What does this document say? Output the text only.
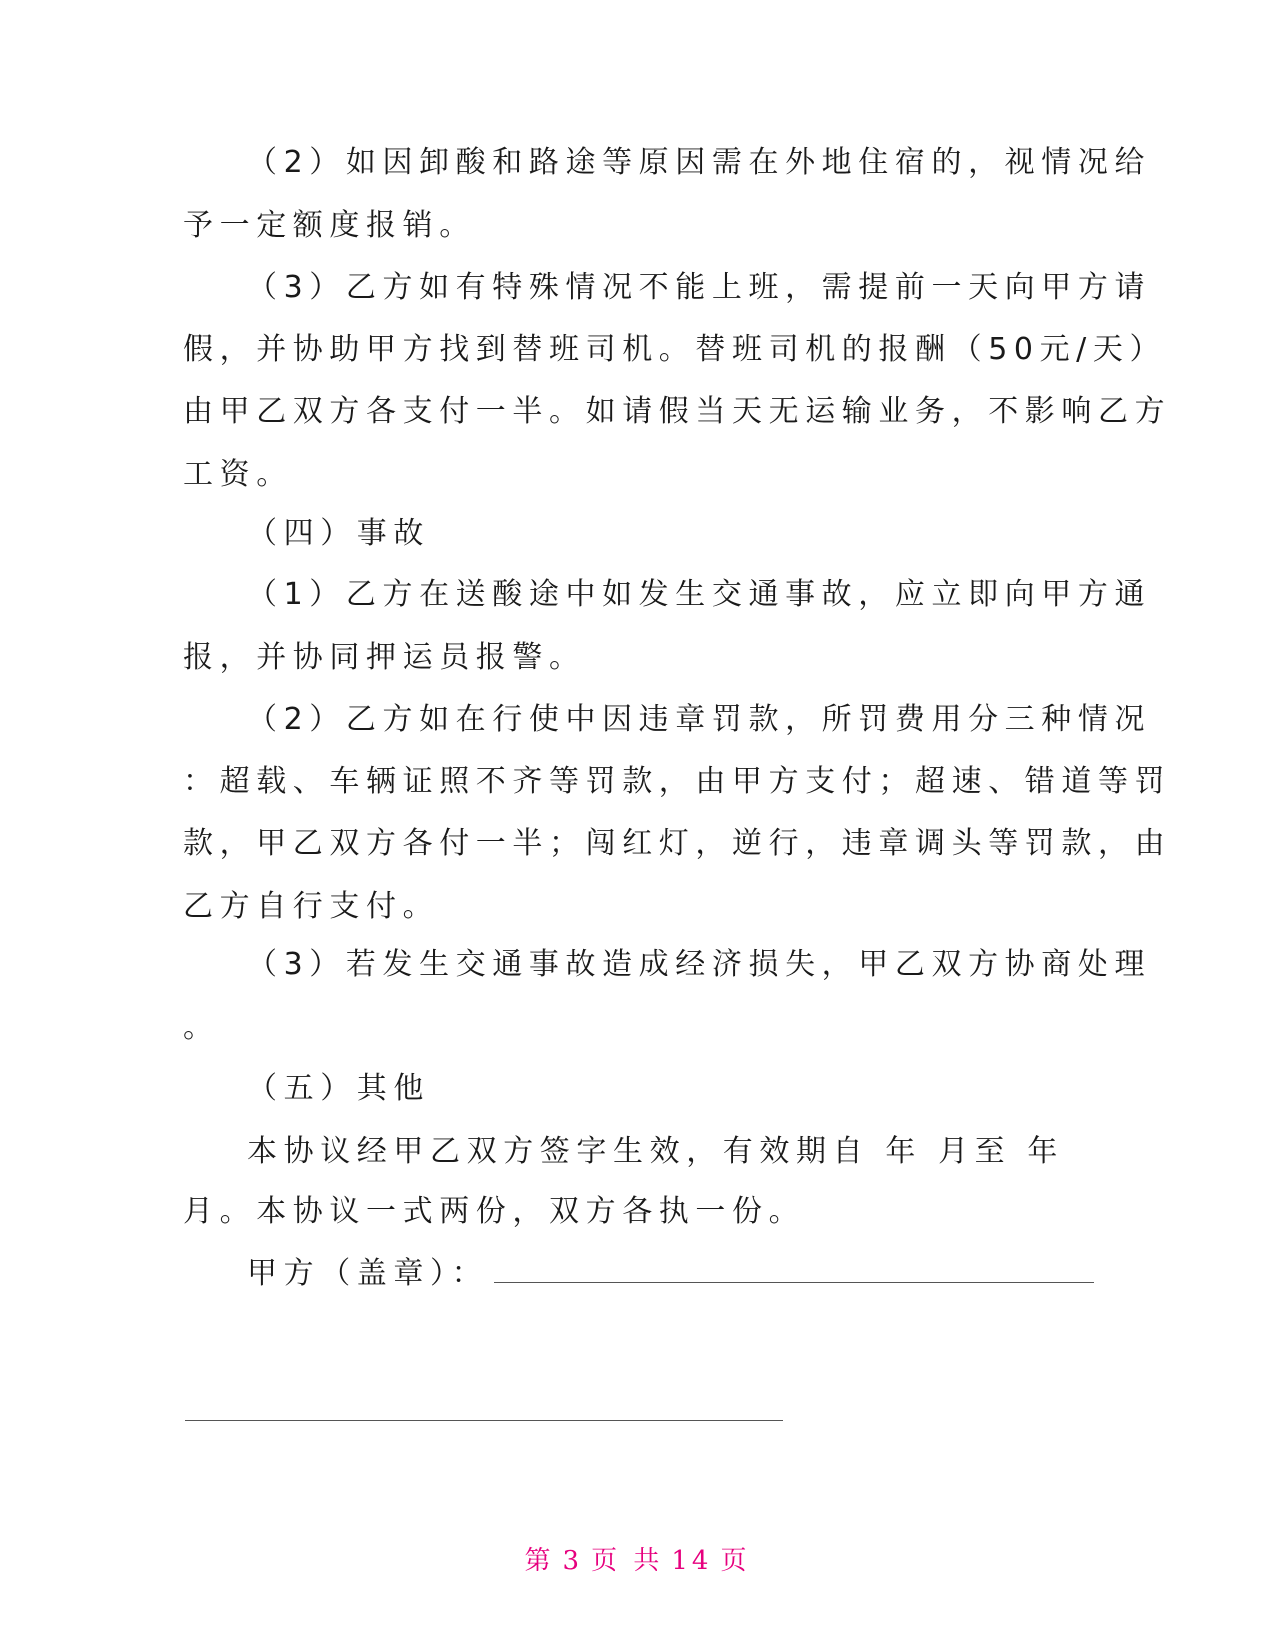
（2）如因卸酸和路途等原因需在外地住宿的，视情况给
予一定额度报销。
（3）乙方如有特殊情况不能上班，需提前一天向甲方请
假，并协助甲方找到替班司机。替班司机的报酬（50元/天）
由甲乙双方各支付一半。如请假当天无运输业务，不影响乙方
工资。
（四）事故
（1）乙方在送酸途中如发生交通事故，应立即向甲方通
报，并协同押运员报警。
（2）乙方如在行使中因违章罚款，所罚费用分三种情况
：超载、车辆证照不齐等罚款，由甲方支付；超速、错道等罚
款，甲乙双方各付一半；闯红灯，逆行，违章调头等罚款，由
乙方自行支付。
（3）若发生交通事故造成经济损失，甲乙双方协商处理
。
（五）其他
本协议经甲乙双方签字生效，有效期自 年 月至 年
月。本协议一式两份，双方各执一份。
甲方（盖章）：
第 3 页 共 14 页
